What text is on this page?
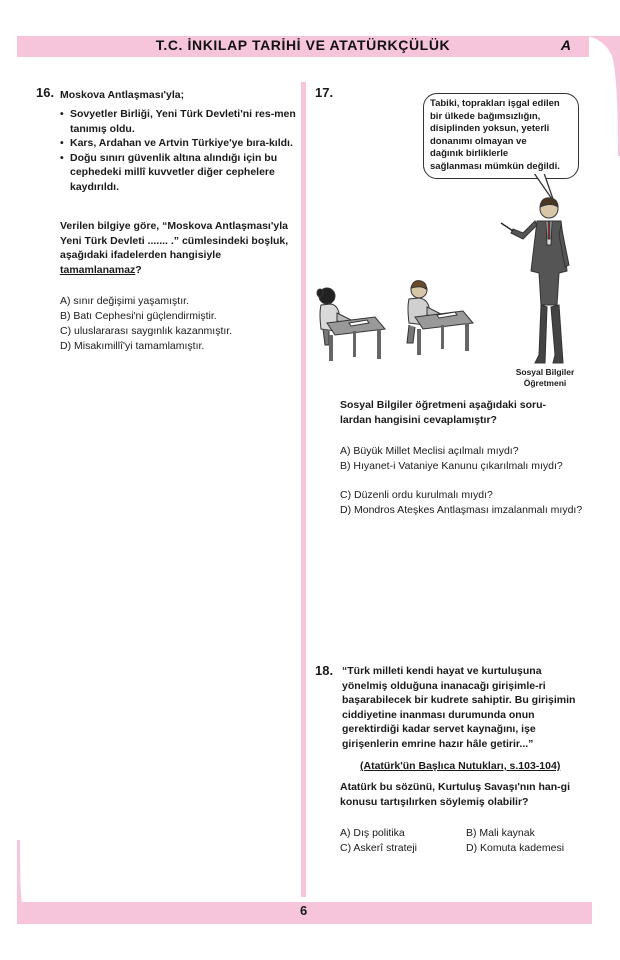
T.C. İNKILAP TARİHİ VE ATATÜRKÇÜLÜK	A
16. Moskova Antlaşması'yla;
• Sovyetler Birliği, Yeni Türk Devleti'ni res-men tanımış oldu.
• Kars, Ardahan ve Artvin Türkiye'ye bıra-kıldı.
• Doğu sınırı güvenlik altına alındığı için bu cephedeki millî kuvvetler diğer cephelere kaydırıldı.
Verilen bilgiye göre, “Moskova Antlaşması'yla Yeni Türk Devleti ....... .” cümlesindeki boşluk, aşağıdaki ifadelerden hangisiyle tamamlanamaz?
A) sınır değişimi yaşamıştır.
B) Batı Cephesi'ni güçlendirmiştir.
C) uluslararası saygınlık kazanmıştır.
D) Misakımillî'yi tamamlamıştır.
17.
Tabiki, toprakları işgal edilen
bir ülkede bağımsızlığın,
disiplinden yoksun, yeterli
donanımı olmayan ve
dağınık birliklerle
sağlanması mümkün değildi.
Sosyal Bilgiler
Öğretmeni
Sosyal Bilgiler öğretmeni aşağıdaki soru-lardan hangisini cevaplamıştır?
A) Büyük Millet Meclisi açılmalı mıydı?
B) Hıyanet-i Vataniye Kanunu çıkarılmalı mıydı?
C) Düzenli ordu kurulmalı mıydı?
D) Mondros Ateşkes Antlaşması imzalanmalı mıydı?
18. “Türk milleti kendi hayat ve kurtuluşuna yönelmiş olduğuna inanacağı girişimle-ri başarabilecek bir kudrete sahiptir. Bu girişimin ciddiyetine inanması durumunda onun gerektirdiği kadar servet kaynağını, işe girişenlerin emrine hazır hâle getirir...”
(Atatürk'ün Başlıca Nutukları, s.103-104)
Atatürk bu sözünü, Kurtuluş Savaşı'nın han-gi konusu tartışılırken söylemiş olabilir?
A) Dış politika	B) Mali kaynak
C) Askerî strateji	D) Komuta kademesi
6
